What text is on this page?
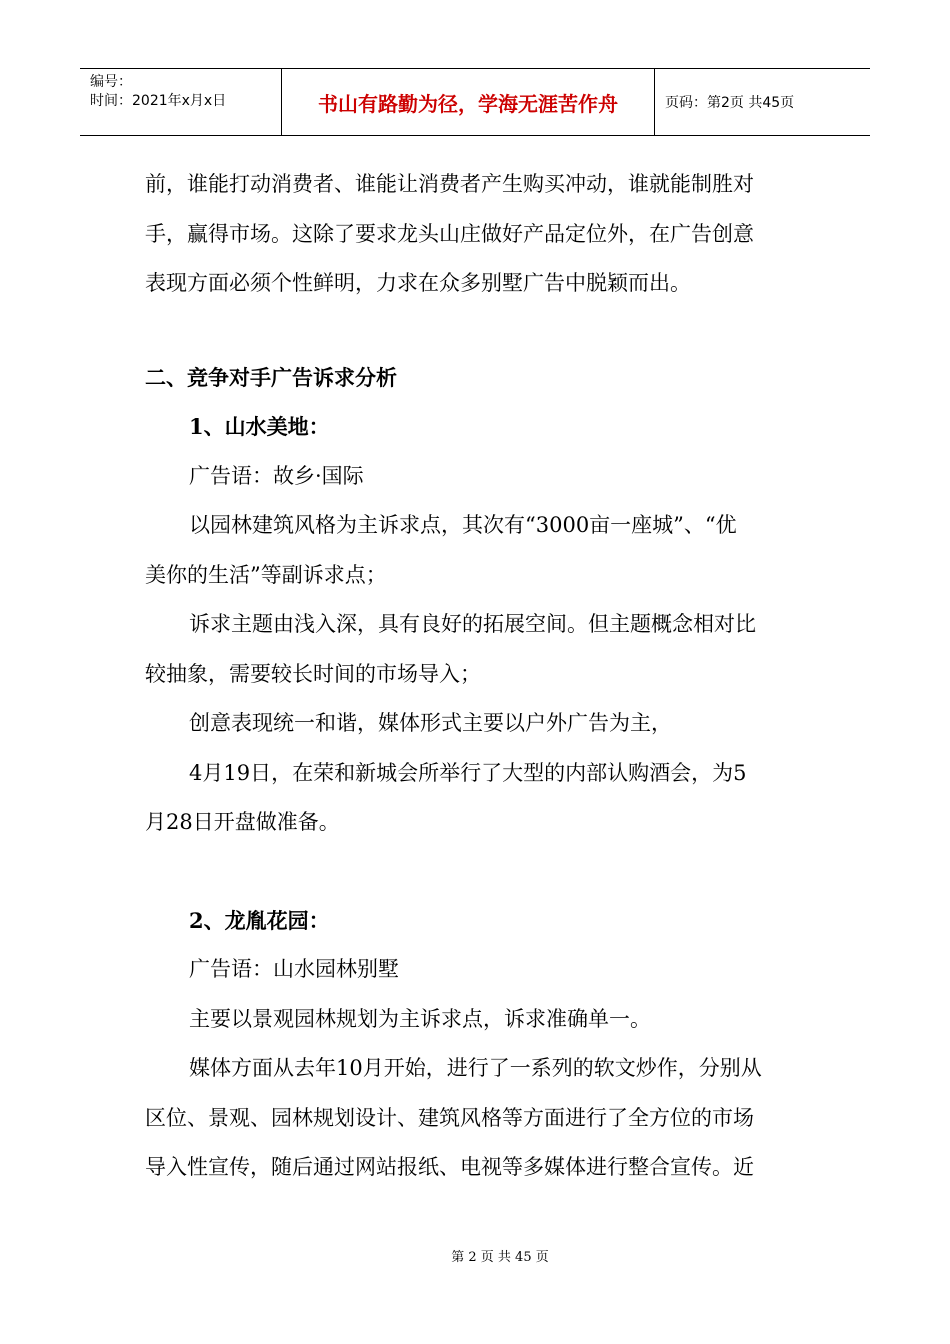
编号：
时间：2021年x月x日	书山有路勤为径，学海无涯苦作舟	页码：第2页 共45页
前，谁能打动消费者、谁能让消费者产生购买冲动，谁就能制胜对
手，赢得市场。这除了要求龙头山庄做好产品定位外，在广告创意
表现方面必须个性鲜明，力求在众多别墅广告中脱颖而出。
二、竞争对手广告诉求分析
1、山水美地：
广告语：故乡·国际
以园林建筑风格为主诉求点，其次有“3000亩一座城”、“优
美你的生活”等副诉求点；
诉求主题由浅入深，具有良好的拓展空间。但主题概念相对比
较抽象，需要较长时间的市场导入；
创意表现统一和谐，媒体形式主要以户外广告为主，
4月19日，在荣和新城会所举行了大型的内部认购酒会，为5
月28日开盘做准备。
2、龙胤花园：
广告语：山水园林别墅
主要以景观园林规划为主诉求点，诉求准确单一。
媒体方面从去年10月开始，进行了一系列的软文炒作，分别从
区位、景观、园林规划设计、建筑风格等方面进行了全方位的市场
导入性宣传，随后通过网站报纸、电视等多媒体进行整合宣传。近
第 2 页 共 45 页
